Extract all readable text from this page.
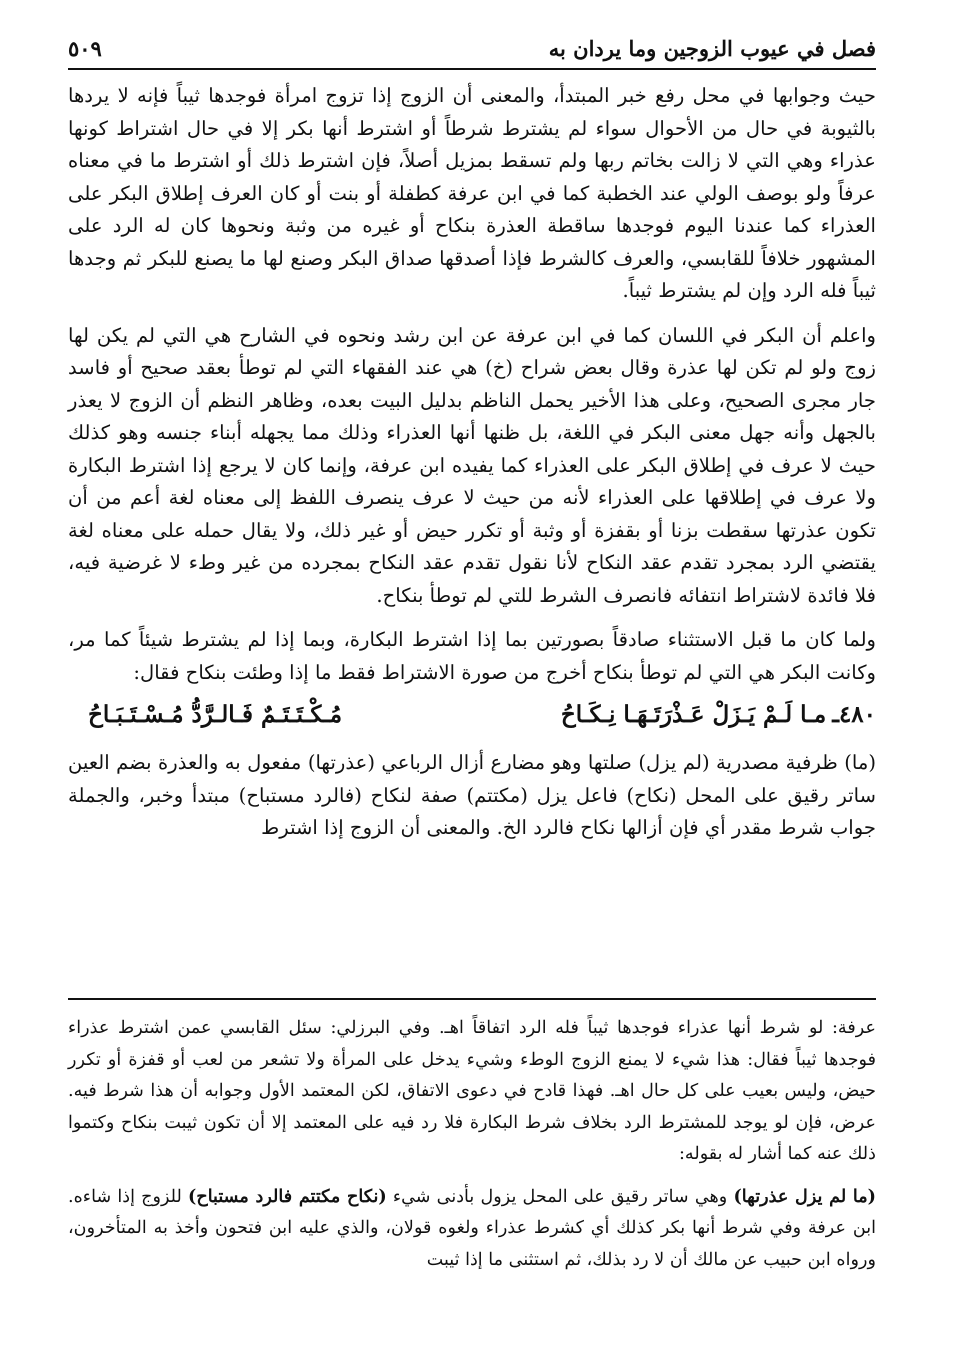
فصل في عيوب الزوجين وما يردان به
٥٠٩

حيث وجوابها في محل رفع خبر المبتدأ، والمعنى أن الزوج إذا تزوج امرأة فوجدها ثيباً فإنه لا يردها بالثيوبة في حال من الأحوال سواء لم يشترط شرطاً أو اشترط أنها بكر إلا في حال اشتراط كونها عذراء وهي التي لا زالت بخاتم ربها ولم تسقط بمزيل أصلاً، فإن اشترط ذلك أو اشترط ما في معناه عرفاً ولو بوصف الولي عند الخطبة كما في ابن عرفة كطفلة أو بنت أو كان العرف إطلاق البكر على العذراء كما عندنا اليوم فوجدها ساقطة العذرة بنكاح أو غيره من وثبة ونحوها كان له الرد على المشهور خلافاً للقابسي، والعرف كالشرط فإذا أصدقها صداق البكر وصنع لها ما يصنع للبكر ثم وجدها ثيباً فله الرد وإن لم يشترط ثيباً.

واعلم أن البكر في اللسان كما في ابن عرفة عن ابن رشد ونحوه في الشارح هي التي لم يكن لها زوج ولو لم تكن لها عذرة وقال بعض شراح (خ) هي عند الفقهاء التي لم توطأ بعقد صحيح أو فاسد جار مجرى الصحيح، وعلى هذا الأخير يحمل الناظم بدليل البيت بعده، وظاهر النظم أن الزوج لا يعذر بالجهل وأنه جهل معنى البكر في اللغة، بل ظنها أنها العذراء وذلك مما يجهله أبناء جنسه وهو كذلك حيث لا عرف في إطلاق البكر على العذراء كما يفيده ابن عرفة، وإنما كان لا يرجع إذا اشترط البكارة ولا عرف في إطلاقها على العذراء لأنه من حيث لا عرف ينصرف اللفظ إلى معناه لغة أعم من أن تكون عذرتها سقطت بزنا أو بقفزة أو وثبة أو تكرر حيض أو غير ذلك، ولا يقال حمله على معناه لغة يقتضي الرد بمجرد تقدم عقد النكاح لأنا نقول تقدم عقد النكاح بمجرده من غير وطء لا غرضية فيه، فلا فائدة لاشتراط انتفائه فانصرف الشرط للتي لم توطأ بنكاح.

ولما كان ما قبل الاستثناء صادقاً بصورتين بما إذا اشترط البكارة، وبما إذا لم يشترط شيئاً كما مر، وكانت البكر هي التي لم توطأ بنكاح أخرج من صورة الاشتراط فقط ما إذا وطئت بنكاح فقال:

٤٨٠ـ
مـا لَـمْ يَـزَلْ عَـذْرَتَـهَـا نِـكَـاحُ
مُـكْـتَـتَـمٌ فَـالـرَّدُّ مُـسْـتَـبَـاحُ

(ما) ظرفية مصدرية (لم يزل) صلتها وهو مضارع أزال الرباعي (عذرتها) مفعول به والعذرة بضم العين ساتر رقيق على المحل (نكاح) فاعل يزل (مكتتم) صفة لنكاح (فالرد مستباح) مبتدأ وخبر، والجملة جواب شرط مقدر أي فإن أزالها نكاح فالرد الخ. والمعنى أن الزوج إذا اشترط

عرفة: لو شرط أنها عذراء فوجدها ثيباً فله الرد اتفاقاً اهـ. وفي البرزلي: سئل القابسي عمن اشترط عذراء فوجدها ثيباً فقال: هذا شيء لا يمنع الزوج الوطء وشيء يدخل على المرأة ولا تشعر من لعب أو قفزة أو تكرر حيض، وليس بعيب على كل حال اهـ. فهذا قادح في دعوى الاتفاق، لكن المعتمد الأول وجوابه أن هذا شرط فيه. عرض، فإن لو يوجد للمشترط الرد بخلاف شرط البكارة فلا رد فيه على المعتمد إلا أن تكون ثيبت بنكاح وكتموا ذلك عنه كما أشار له بقوله:

(ما لم يزل عذرتها) وهي ساتر رقيق على المحل يزول بأدنى شيء (نكاح مكتتم فالرد مستباح) للزوج إذا شاءه. ابن عرفة وفي شرط أنها بكر كذلك أي كشرط عذراء ولغوه قولان، والذي عليه ابن فتحون وأخذ به المتأخرون، ورواه ابن حبيب عن مالك أن لا رد بذلك، ثم استثنى ما إذا ثيبت
